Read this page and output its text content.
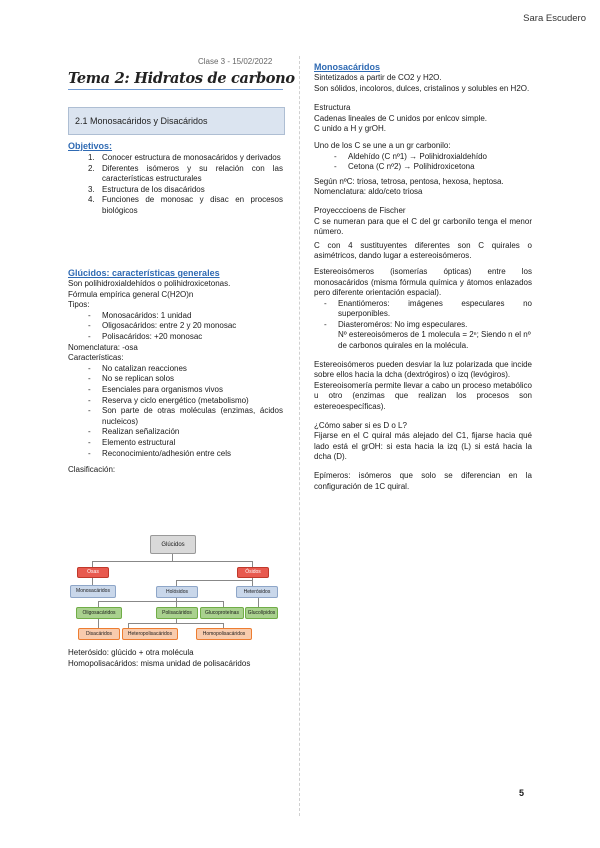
Sara Escudero
5
Clase 3 - 15/02/2022
Tema 2: Hidratos de carbono
2.1 Monosacáridos y Disacáridos
Objetivos:
1. Conocer estructura de monosacáridos y derivados
2. Diferentes isómeros y su relación con las características estructurales
3. Estructura de los disacáridos
4. Funciones de monosac y disac en procesos biológicos
Glúcidos: características generales
Son polihidroxialdehídos o polihidroxicetonas.
Fórmula empírica general C(H2O)n
Tipos:
- Monosacáridos: 1 unidad
- Oligosacáridos: entre 2 y 20 monosac
- Polisacáridos: +20 monosac
Nomenclatura: -osa
Características:
- No catalizan reacciones
- No se replican solos
- Esenciales para organismos vivos
- Reserva y ciclo energético (metabolismo)
- Son parte de otras moléculas (enzimas, ácidos nucleicos)
- Realizan señalización
- Elemento estructural
- Reconocimiento/adhesión entre cels
Clasificación:
Glúcidos
Osas	Ósidos
Monosacáridos	Holósidos	Heterósidos
Oligosacáridos	Polisacáridos	Glucoproteínas	Glucolípidos
Disacáridos	Heteropolisacáridos	Homopolisacáridos
Heterósido: glúcido + otra molécula
Homopolisacáridos: misma unidad de polisacáridos
Monosacáridos
Sintetizados a partir de CO2 y H2O.
Son sólidos, incoloros, dulces, cristalinos y solubles en H2O.
Estructura
Cadenas lineales de C unidos por enlcov simple.
C unido a H y grOH.
Uno de los C se une a un gr carbonilo:
- Aldehído (C nº1) → Polihidroxialdehído
- Cetona (C nº2) → Polihidroxicetona
Según nºC: triosa, tetrosa, pentosa, hexosa, heptosa.
Nomenclatura: aldo/ceto triosa
Proyecccioens de Fischer
C se numeran para que el C del gr carbonilo tenga el menor número.
C con 4 sustituyentes diferentes son C quirales o asimétricos, dando lugar a estereoisómeros.
Estereoisómeros (isomerías ópticas) entre los monosacáridos (misma fórmula química y átomos enlazados pero diferente orientación espacial).
- Enantiómeros: imágenes especulares no superponibles.
- Diasteroméros: No img especulares.
Nº estereoisómeros de 1 molecula = 2ⁿ; Siendo n el nº de carbonos quirales en la molécula.
Estereoisómeros pueden desviar la luz polarizada que incide sobre ellos hacia la dcha (dextrógiros) o izq (levógiros).
Estereoisomería permite llevar a cabo un proceso metabólico u otro (enzimas que realizan los procesos son estereoespecíficas).
¿Cómo saber si es D o L?
Fijarse en el C quiral más alejado del C1, fijarse hacia qué lado está el grOH: si esta hacia la izq (L) si está hacia la dcha (D).
Epímeros: isómeros que solo se diferencian en la configuración de 1C quiral.
